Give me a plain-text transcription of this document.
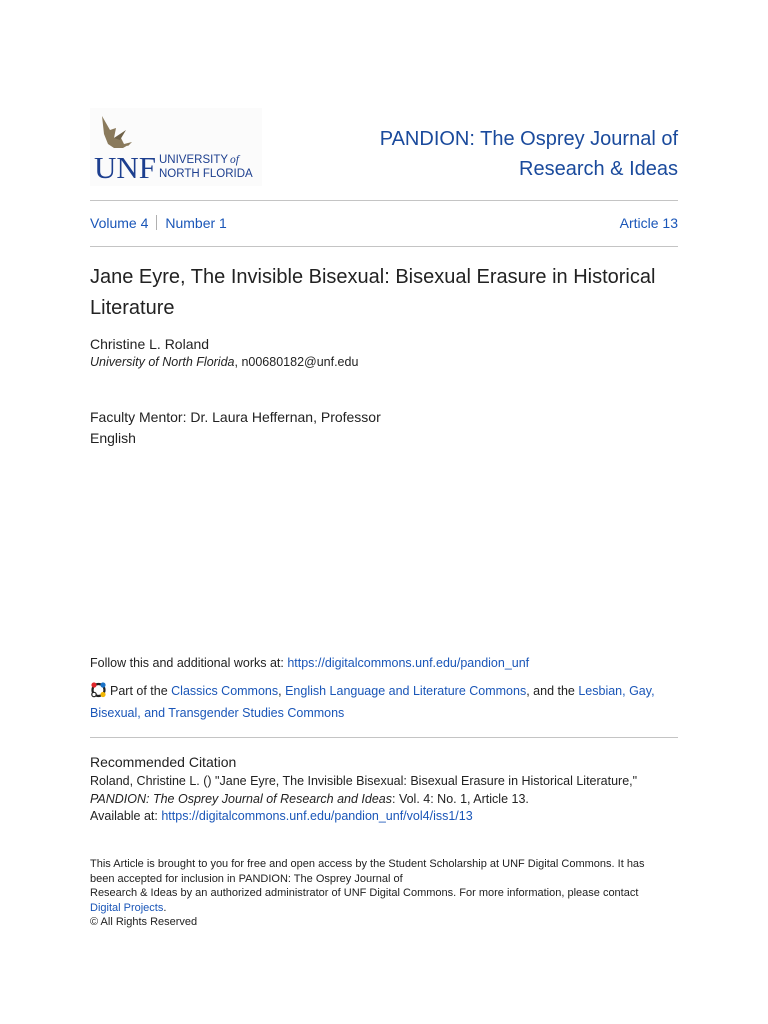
UNF UNIVERSITY of
NORTH FLORIDA
PANDION: The Osprey Journal of
Research & Ideas
Volume 4 Number 1	Article 13
Jane Eyre, The Invisible Bisexual: Bisexual Erasure in Historical Literature
Christine L. Roland
University of North Florida, n00680182@unf.edu
Faculty Mentor: Dr. Laura Heffernan, Professor
English
Follow this and additional works at: https://digitalcommons.unf.edu/pandion_unf
Part of the Classics Commons, English Language and Literature Commons, and the Lesbian, Gay, Bisexual, and Transgender Studies Commons
Recommended Citation
Roland, Christine L. () "Jane Eyre, The Invisible Bisexual: Bisexual Erasure in Historical Literature,"
PANDION: The Osprey Journal of Research and Ideas: Vol. 4: No. 1, Article 13.
Available at: https://digitalcommons.unf.edu/pandion_unf/vol4/iss1/13
This Article is brought to you for free and open access by the Student Scholarship at UNF Digital Commons. It has
been accepted for inclusion in PANDION: The Osprey Journal of
Research & Ideas by an authorized administrator of UNF Digital Commons. For more information, please contact
Digital Projects.
© All Rights Reserved
